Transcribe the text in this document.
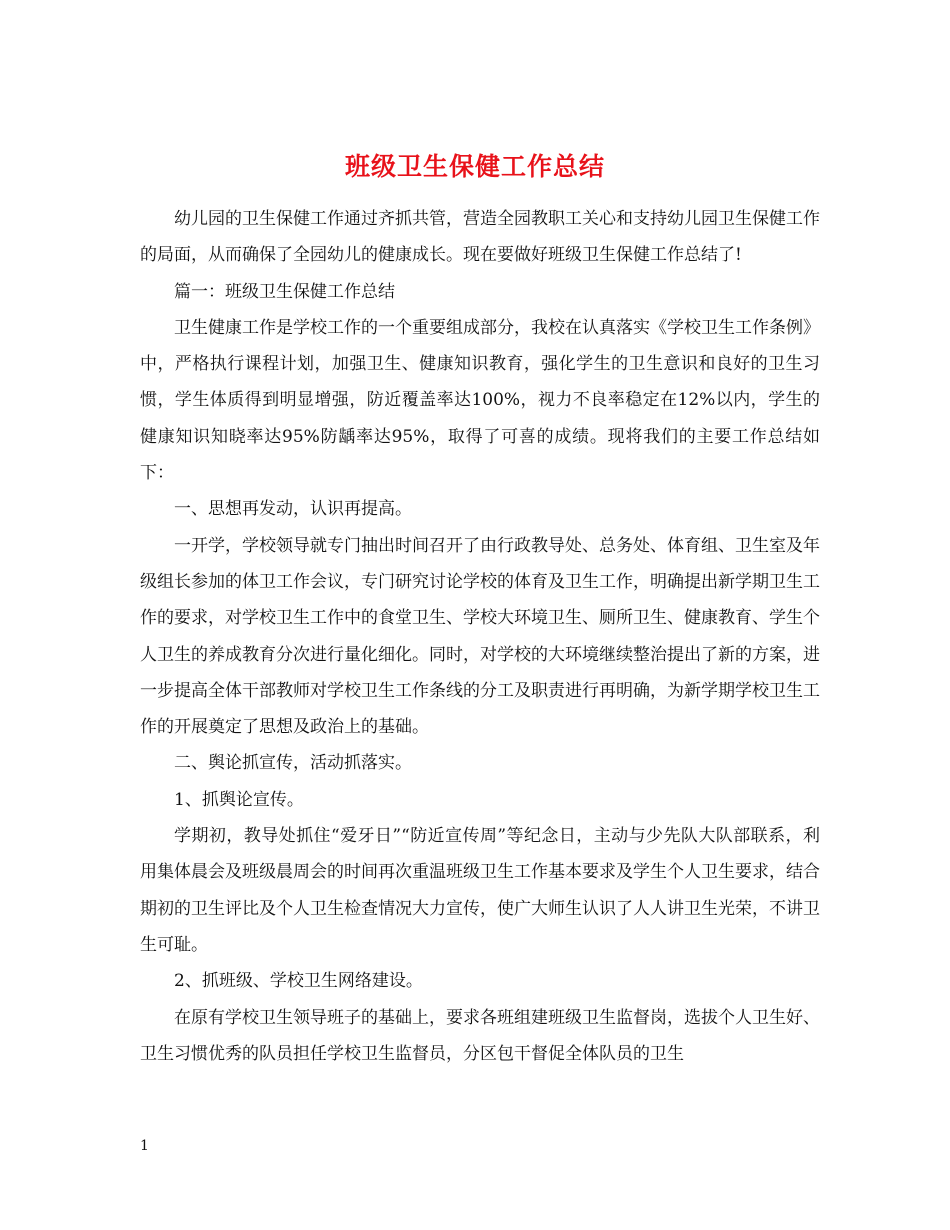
班级卫生保健工作总结

幼儿园的卫生保健工作通过齐抓共管，营造全园教职工关心和支持幼儿园卫生保健工作的局面，从而确保了全园幼儿的健康成长。现在要做好班级卫生保健工作总结了!

篇一：班级卫生保健工作总结

卫生健康工作是学校工作的一个重要组成部分，我校在认真落实《学校卫生工作条例》中，严格执行课程计划，加强卫生、健康知识教育，强化学生的卫生意识和良好的卫生习惯，学生体质得到明显增强，防近覆盖率达100%，视力不良率稳定在12%以内，学生的健康知识知晓率达95%防龋率达95%，取得了可喜的成绩。现将我们的主要工作总结如下：

一、思想再发动，认识再提高。

一开学，学校领导就专门抽出时间召开了由行政教导处、总务处、体育组、卫生室及年级组长参加的体卫工作会议，专门研究讨论学校的体育及卫生工作，明确提出新学期卫生工作的要求，对学校卫生工作中的食堂卫生、学校大环境卫生、厕所卫生、健康教育、学生个人卫生的养成教育分次进行量化细化。同时，对学校的大环境继续整治提出了新的方案，进一步提高全体干部教师对学校卫生工作条线的分工及职责进行再明确，为新学期学校卫生工作的开展奠定了思想及政治上的基础。

二、舆论抓宣传，活动抓落实。

1、抓舆论宣传。

学期初，教导处抓住“爱牙日”“防近宣传周”等纪念日，主动与少先队大队部联系，利用集体晨会及班级晨周会的时间再次重温班级卫生工作基本要求及学生个人卫生要求，结合期初的卫生评比及个人卫生检查情况大力宣传，使广大师生认识了人人讲卫生光荣，不讲卫生可耻。

2、抓班级、学校卫生网络建设。

在原有学校卫生领导班子的基础上，要求各班组建班级卫生监督岗，选拔个人卫生好、卫生习惯优秀的队员担任学校卫生监督员，分区包干督促全体队员的卫生

1
